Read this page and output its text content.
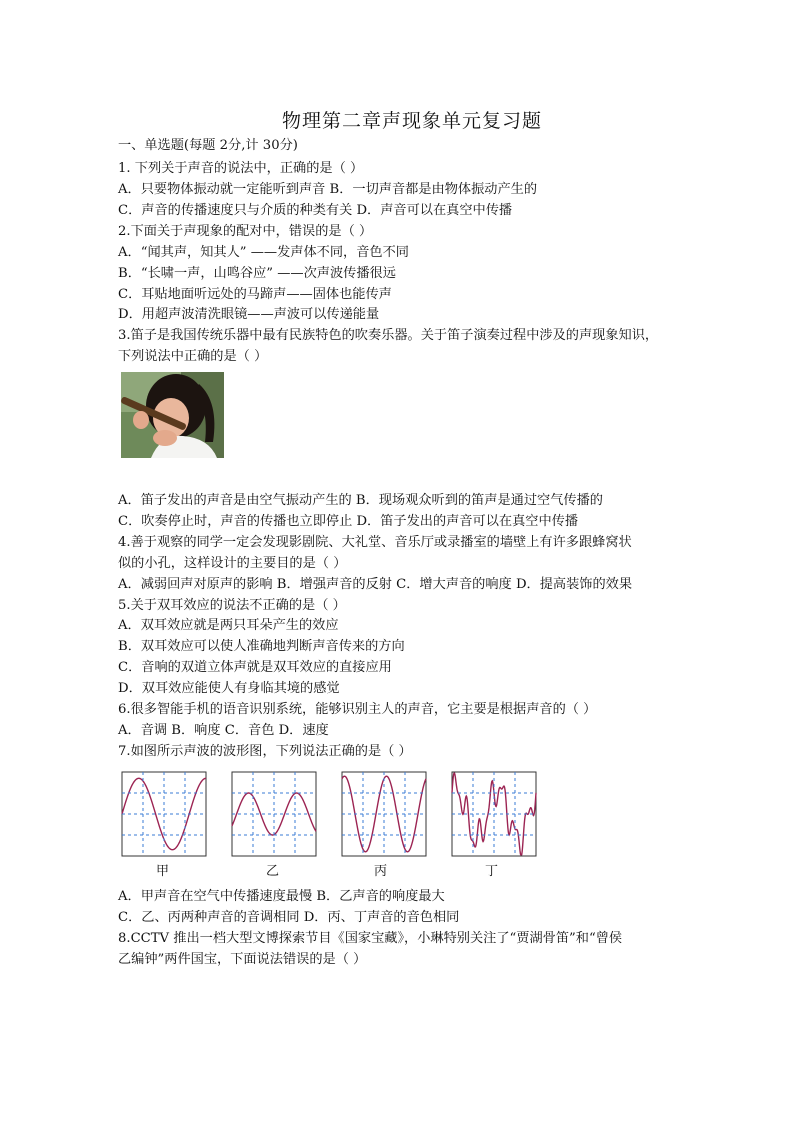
物理第二章声现象单元复习题
一、单选题(每题 2分,计 30分)
1. 下列关于声音的说法中，正确的是（ ）
A．只要物体振动就一定能听到声音 B．一切声音都是由物体振动产生的
C．声音的传播速度只与介质的种类有关 D．声音可以在真空中传播
2.下面关于声现象的配对中，错误的是（ ）
A．“闻其声，知其人” ——发声体不同，音色不同
B．“长啸一声，山鸣谷应” ——次声波传播很远
C．耳贴地面听远处的马蹄声——固体也能传声
D．用超声波清洗眼镜——声波可以传递能量
3.笛子是我国传统乐器中最有民族特色的吹奏乐器。关于笛子演奏过程中涉及的声现象知识，
下列说法中正确的是（ ）
A．笛子发出的声音是由空气振动产生的 B．现场观众听到的笛声是通过空气传播的
C．吹奏停止时，声音的传播也立即停止 D．笛子发出的声音可以在真空中传播
4.善于观察的同学一定会发现影剧院、大礼堂、音乐厅或录播室的墙壁上有许多跟蜂窝状
似的小孔，这样设计的主要目的是（ ）
A．减弱回声对原声的影响 B．增强声音的反射 C．增大声音的响度 D．提高装饰的效果
5.关于双耳效应的说法不正确的是（ ）
A．双耳效应就是两只耳朵产生的效应
B．双耳效应可以使人准确地判断声音传来的方向
C．音响的双道立体声就是双耳效应的直接应用
D．双耳效应能使人有身临其境的感觉
6.很多智能手机的语音识别系统，能够识别主人的声音，它主要是根据声音的（ ）
A．音调 B．响度 C．音色 D．速度
7.如图所示声波的波形图，下列说法正确的是（ ）
A．甲声音在空气中传播速度最慢 B．乙声音的响度最大
C．乙、丙两种声音的音调相同 D．丙、丁声音的音色相同
8.CCTV 推出一档大型文博探索节目《国家宝藏》，小琳特别关注了“贾湖骨笛”和“曾侯
乙编钟”两件国宝，下面说法错误的是（ ）
甲	乙	丙	丁
